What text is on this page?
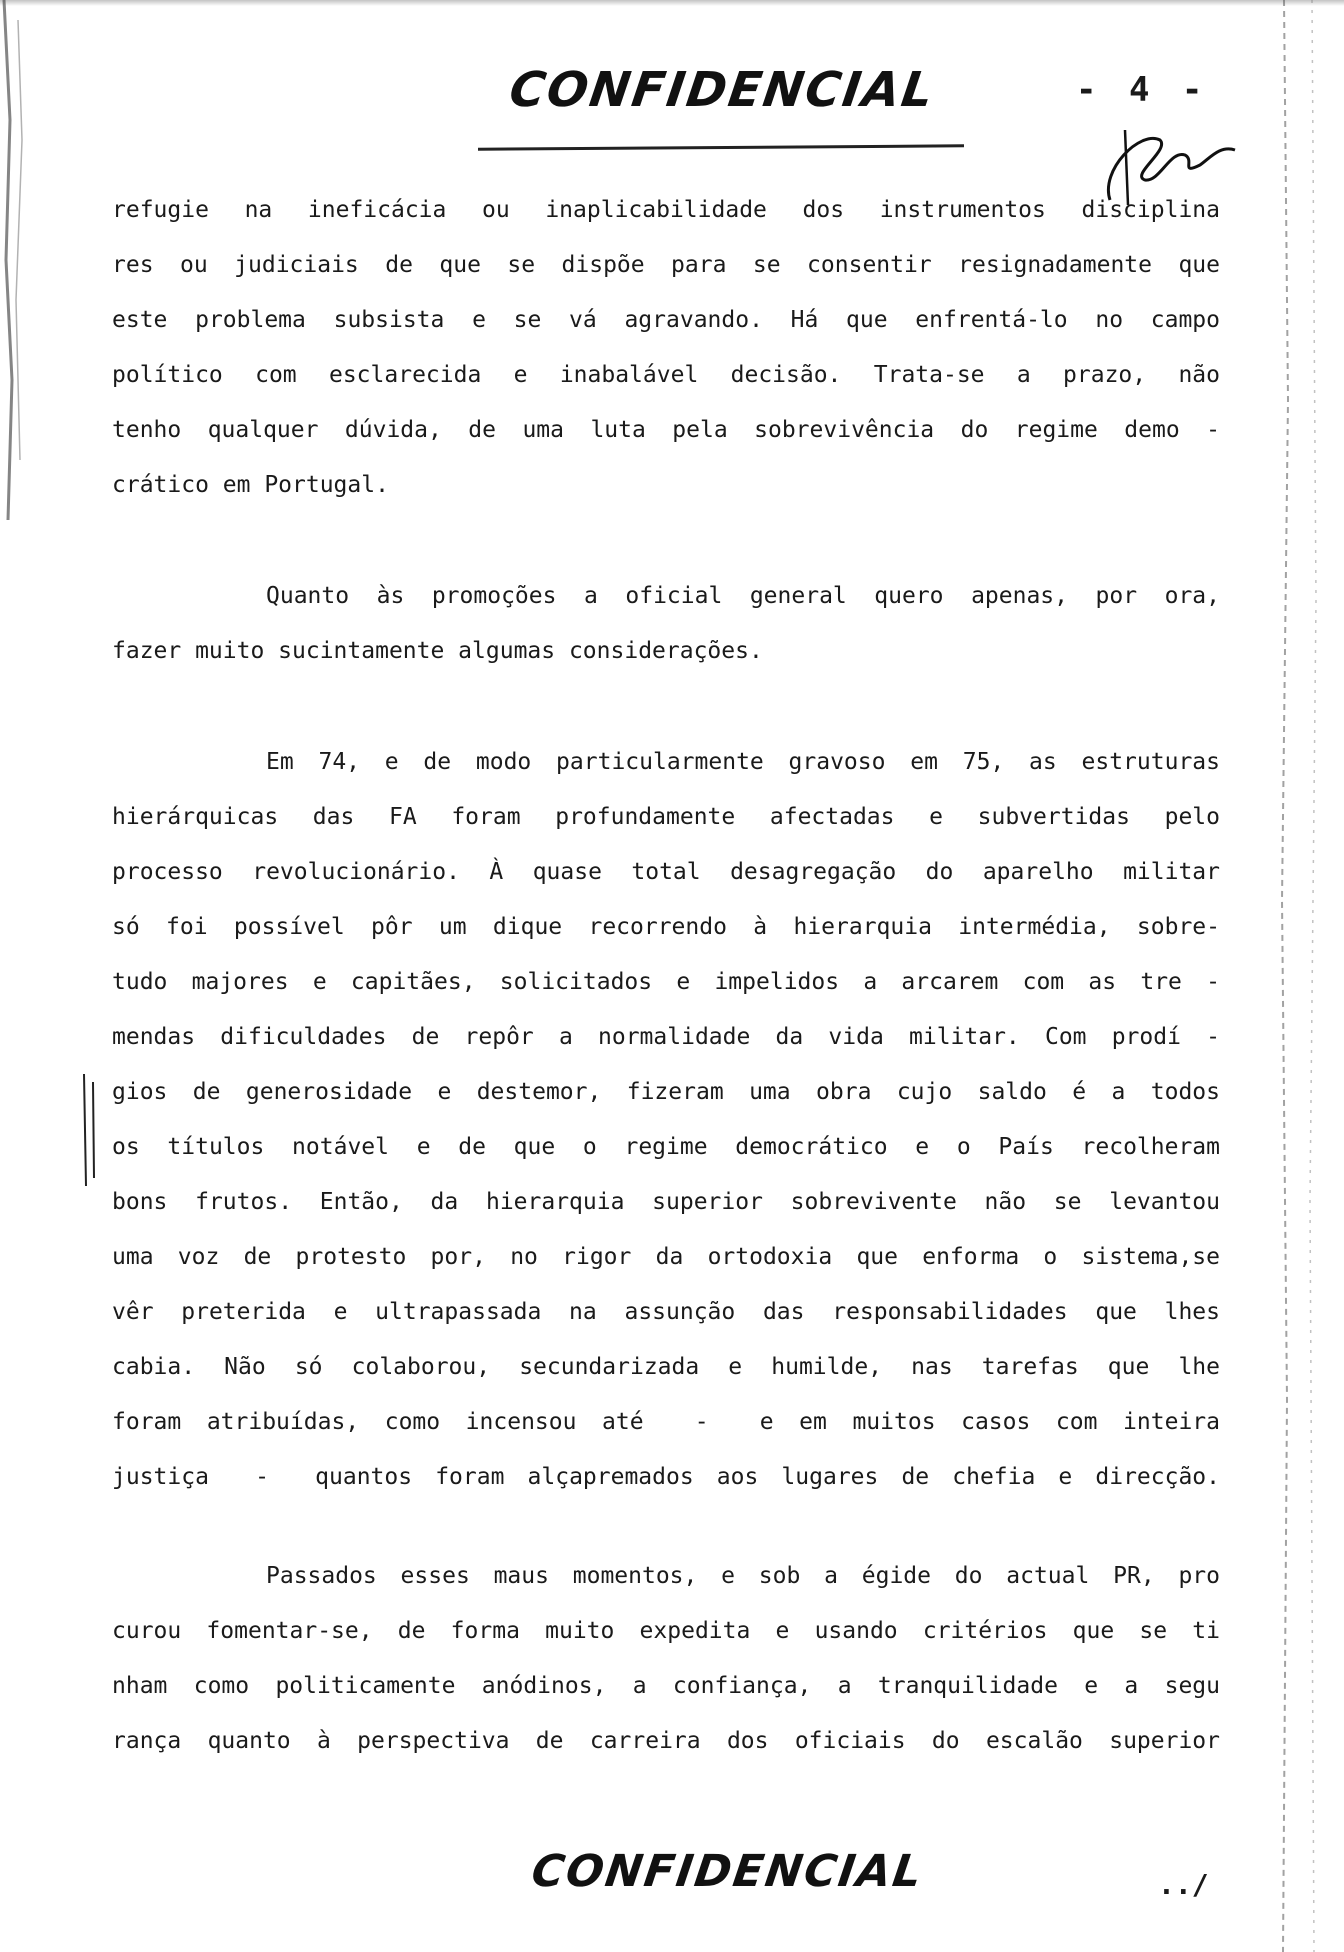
CONFIDENCIAL	- 4 -
refugie na ineficácia ou inaplicabilidade dos instrumentos disciplina
res ou judiciais de que se dispõe para se consentir resignadamente que
este problema subsista e se vá agravando. Há que enfrentá-lo no campo
político com esclarecida e inabalável decisão. Trata-se a prazo, não
tenho qualquer dúvida, de uma luta pela sobrevivência do regime demo -
crático em Portugal.
Quanto às promoções a oficial general quero apenas, por ora,
fazer muito sucintamente algumas considerações.
Em 74, e de modo particularmente gravoso em 75, as estruturas
hierárquicas das FA foram profundamente afectadas e subvertidas pelo
processo revolucionário. À quase total desagregação do aparelho militar
só foi possível pôr um dique recorrendo à hierarquia intermédia, sobre-
tudo majores e capitães, solicitados e impelidos a arcarem com as tre -
mendas dificuldades de repôr a normalidade da vida militar. Com prodí -
gios de generosidade e destemor, fizeram uma obra cujo saldo é a todos
os títulos notável e de que o regime democrático e o País recolheram
bons frutos. Então, da hierarquia superior sobrevivente não se levantou
uma voz de protesto por, no rigor da ortodoxia que enforma o sistema,se
vêr preterida e ultrapassada na assunção das responsabilidades que lhes
cabia. Não só colaborou, secundarizada e humilde, nas tarefas que lhe
foram atribuídas, como incensou até  -  e em muitos casos com inteira
justiça  -  quantos foram alçapremados aos lugares de chefia e direcção.
Passados esses maus momentos, e sob a égide do actual PR, pro
curou fomentar-se, de forma muito expedita e usando critérios que se ti
nham como politicamente anódinos, a confiança, a tranquilidade e a segu
rança quanto à perspectiva de carreira dos oficiais do escalão superior
CONFIDENCIAL	../
